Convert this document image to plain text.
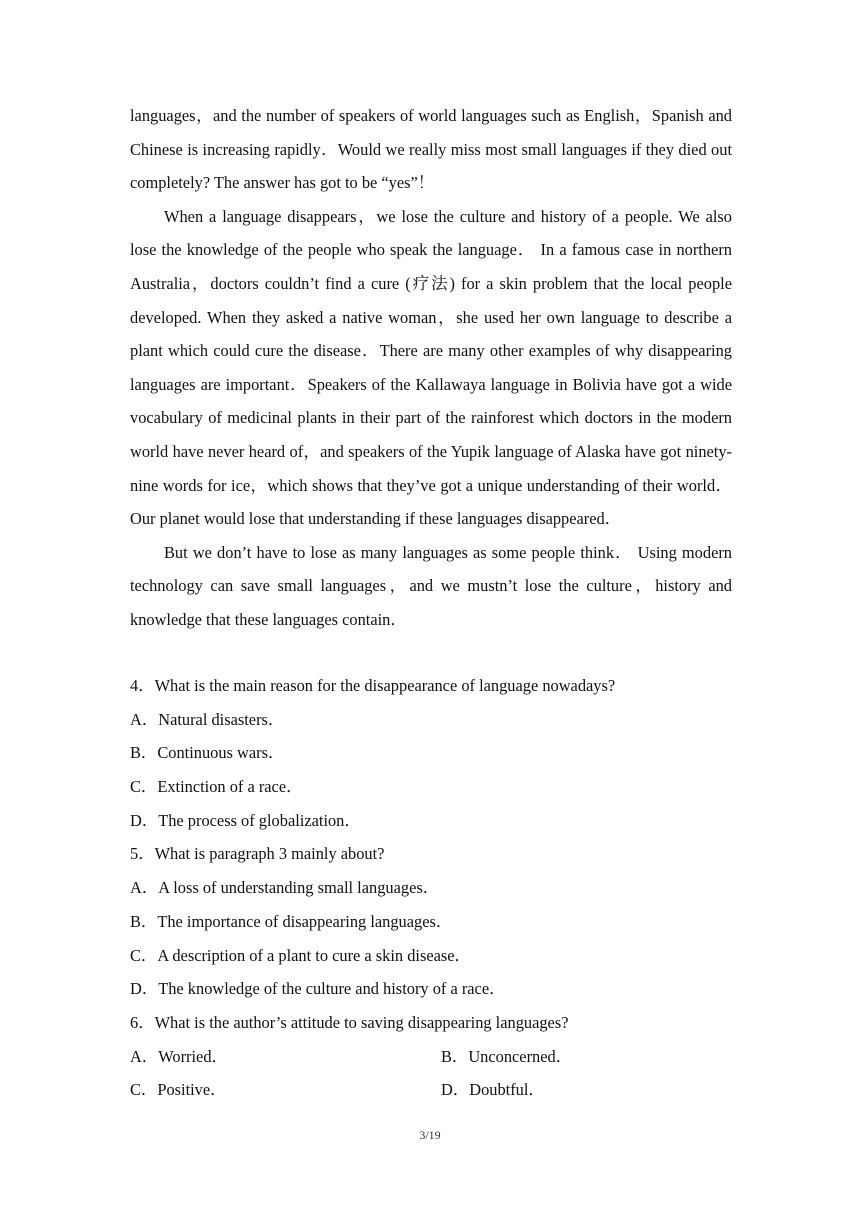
languages，and the number of speakers of world languages such as English，Spanish and Chinese is increasing rapidly．Would we really miss most small languages if they died out completely? The answer has got to be “yes”！

When a language disappears，we lose the culture and history of a people. We also lose the knowledge of the people who speak the language． In a famous case in northern Australia，doctors couldn’t find a cure (疗法) for a skin problem that the local people developed. When they asked a native woman，she used her own language to describe a plant which could cure the disease．There are many other examples of why disappearing languages are important．Speakers of the Kallawaya language in Bolivia have got a wide vocabulary of medicinal plants in their part of the rainforest which doctors in the modern world have never heard of，and speakers of the Yupik language of Alaska have got ninety-nine words for ice，which shows that they’ve got a unique understanding of their world．Our planet would lose that understanding if these languages disappeared．

But we don’t have to lose as many languages as some people think． Using modern technology can save small languages，and we mustn’t lose the culture，history and knowledge that these languages contain．

4．What is the main reason for the disappearance of language nowadays?
A．Natural disasters．
B．Continuous wars．
C．Extinction of a race．
D．The process of globalization．
5．What is paragraph 3 mainly about?
A．A loss of understanding small languages．
B．The importance of disappearing languages．
C．A description of a plant to cure a skin disease．
D．The knowledge of the culture and history of a race．
6．What is the author’s attitude to saving disappearing languages?
A．Worried．	B．Unconcerned．
C．Positive．	D．Doubtful．
3/19
